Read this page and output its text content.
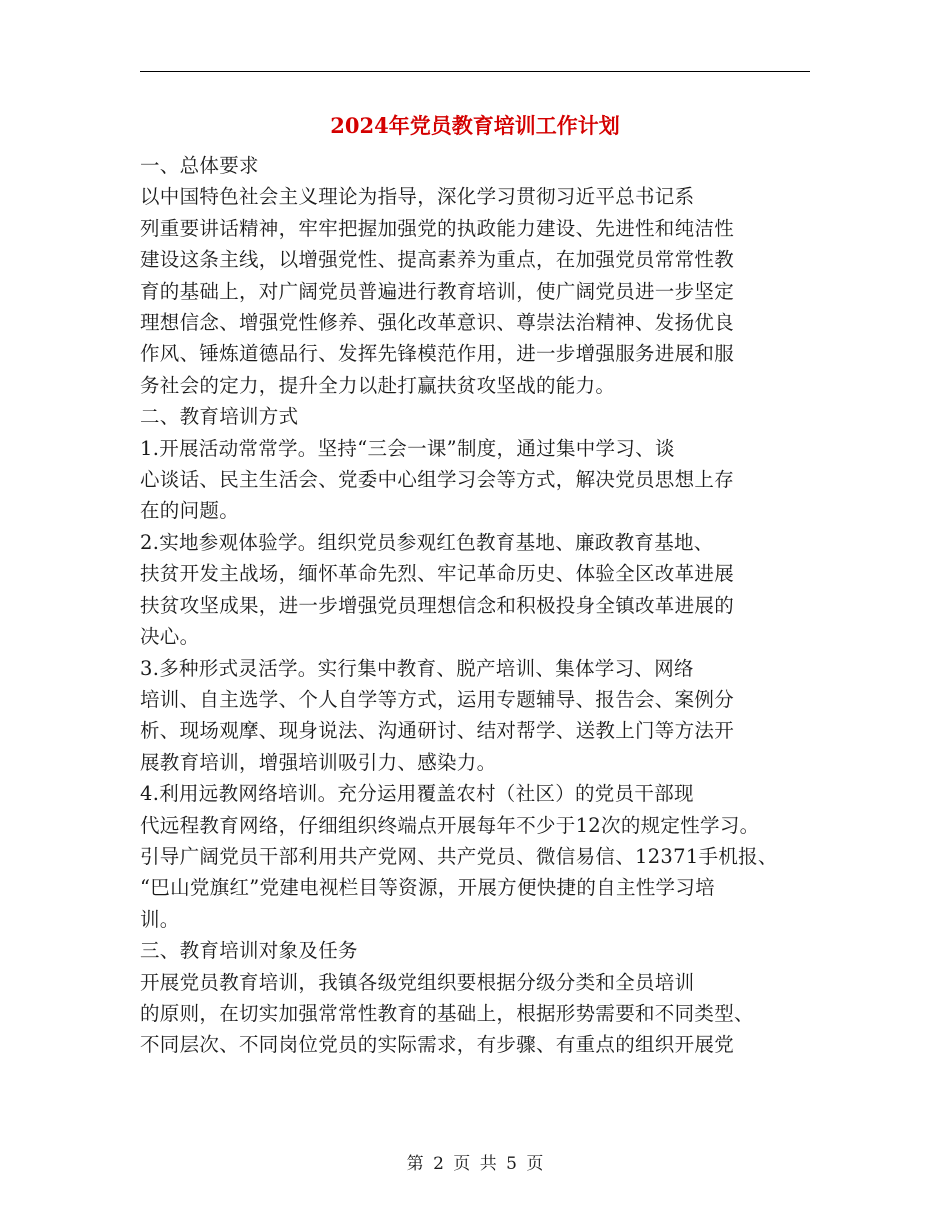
2024年党员教育培训工作计划

一、总体要求

以中国特色社会主义理论为指导，深化学习贯彻习近平总书记系

列重要讲话精神，牢牢把握加强党的执政能力建设、先进性和纯洁性

建设这条主线，以增强党性、提高素养为重点，在加强党员常常性教

育的基础上，对广阔党员普遍进行教育培训，使广阔党员进一步坚定

理想信念、增强党性修养、强化改革意识、尊崇法治精神、发扬优良

作风、锤炼道德品行、发挥先锋模范作用，进一步增强服务进展和服

务社会的定力，提升全力以赴打赢扶贫攻坚战的能力。

二、教育培训方式

1.开展活动常常学。坚持“三会一课”制度，通过集中学习、谈

心谈话、民主生活会、党委中心组学习会等方式，解决党员思想上存

在的问题。

2.实地参观体验学。组织党员参观红色教育基地、廉政教育基地、

扶贫开发主战场，缅怀革命先烈、牢记革命历史、体验全区改革进展

扶贫攻坚成果，进一步增强党员理想信念和积极投身全镇改革进展的

决心。

3.多种形式灵活学。实行集中教育、脱产培训、集体学习、网络

培训、自主选学、个人自学等方式，运用专题辅导、报告会、案例分

析、现场观摩、现身说法、沟通研讨、结对帮学、送教上门等方法开

展教育培训，增强培训吸引力、感染力。

4.利用远教网络培训。充分运用覆盖农村（社区）的党员干部现

代远程教育网络，仔细组织终端点开展每年不少于12次的规定性学习。

引导广阔党员干部利用共产党网、共产党员、微信易信、12371手机报、

“巴山党旗红”党建电视栏目等资源，开展方便快捷的自主性学习培

训。

三、教育培训对象及任务

开展党员教育培训，我镇各级党组织要根据分级分类和全员培训

的原则，在切实加强常常性教育的基础上，根据形势需要和不同类型、

不同层次、不同岗位党员的实际需求，有步骤、有重点的组织开展党

第 2 页 共 5 页
